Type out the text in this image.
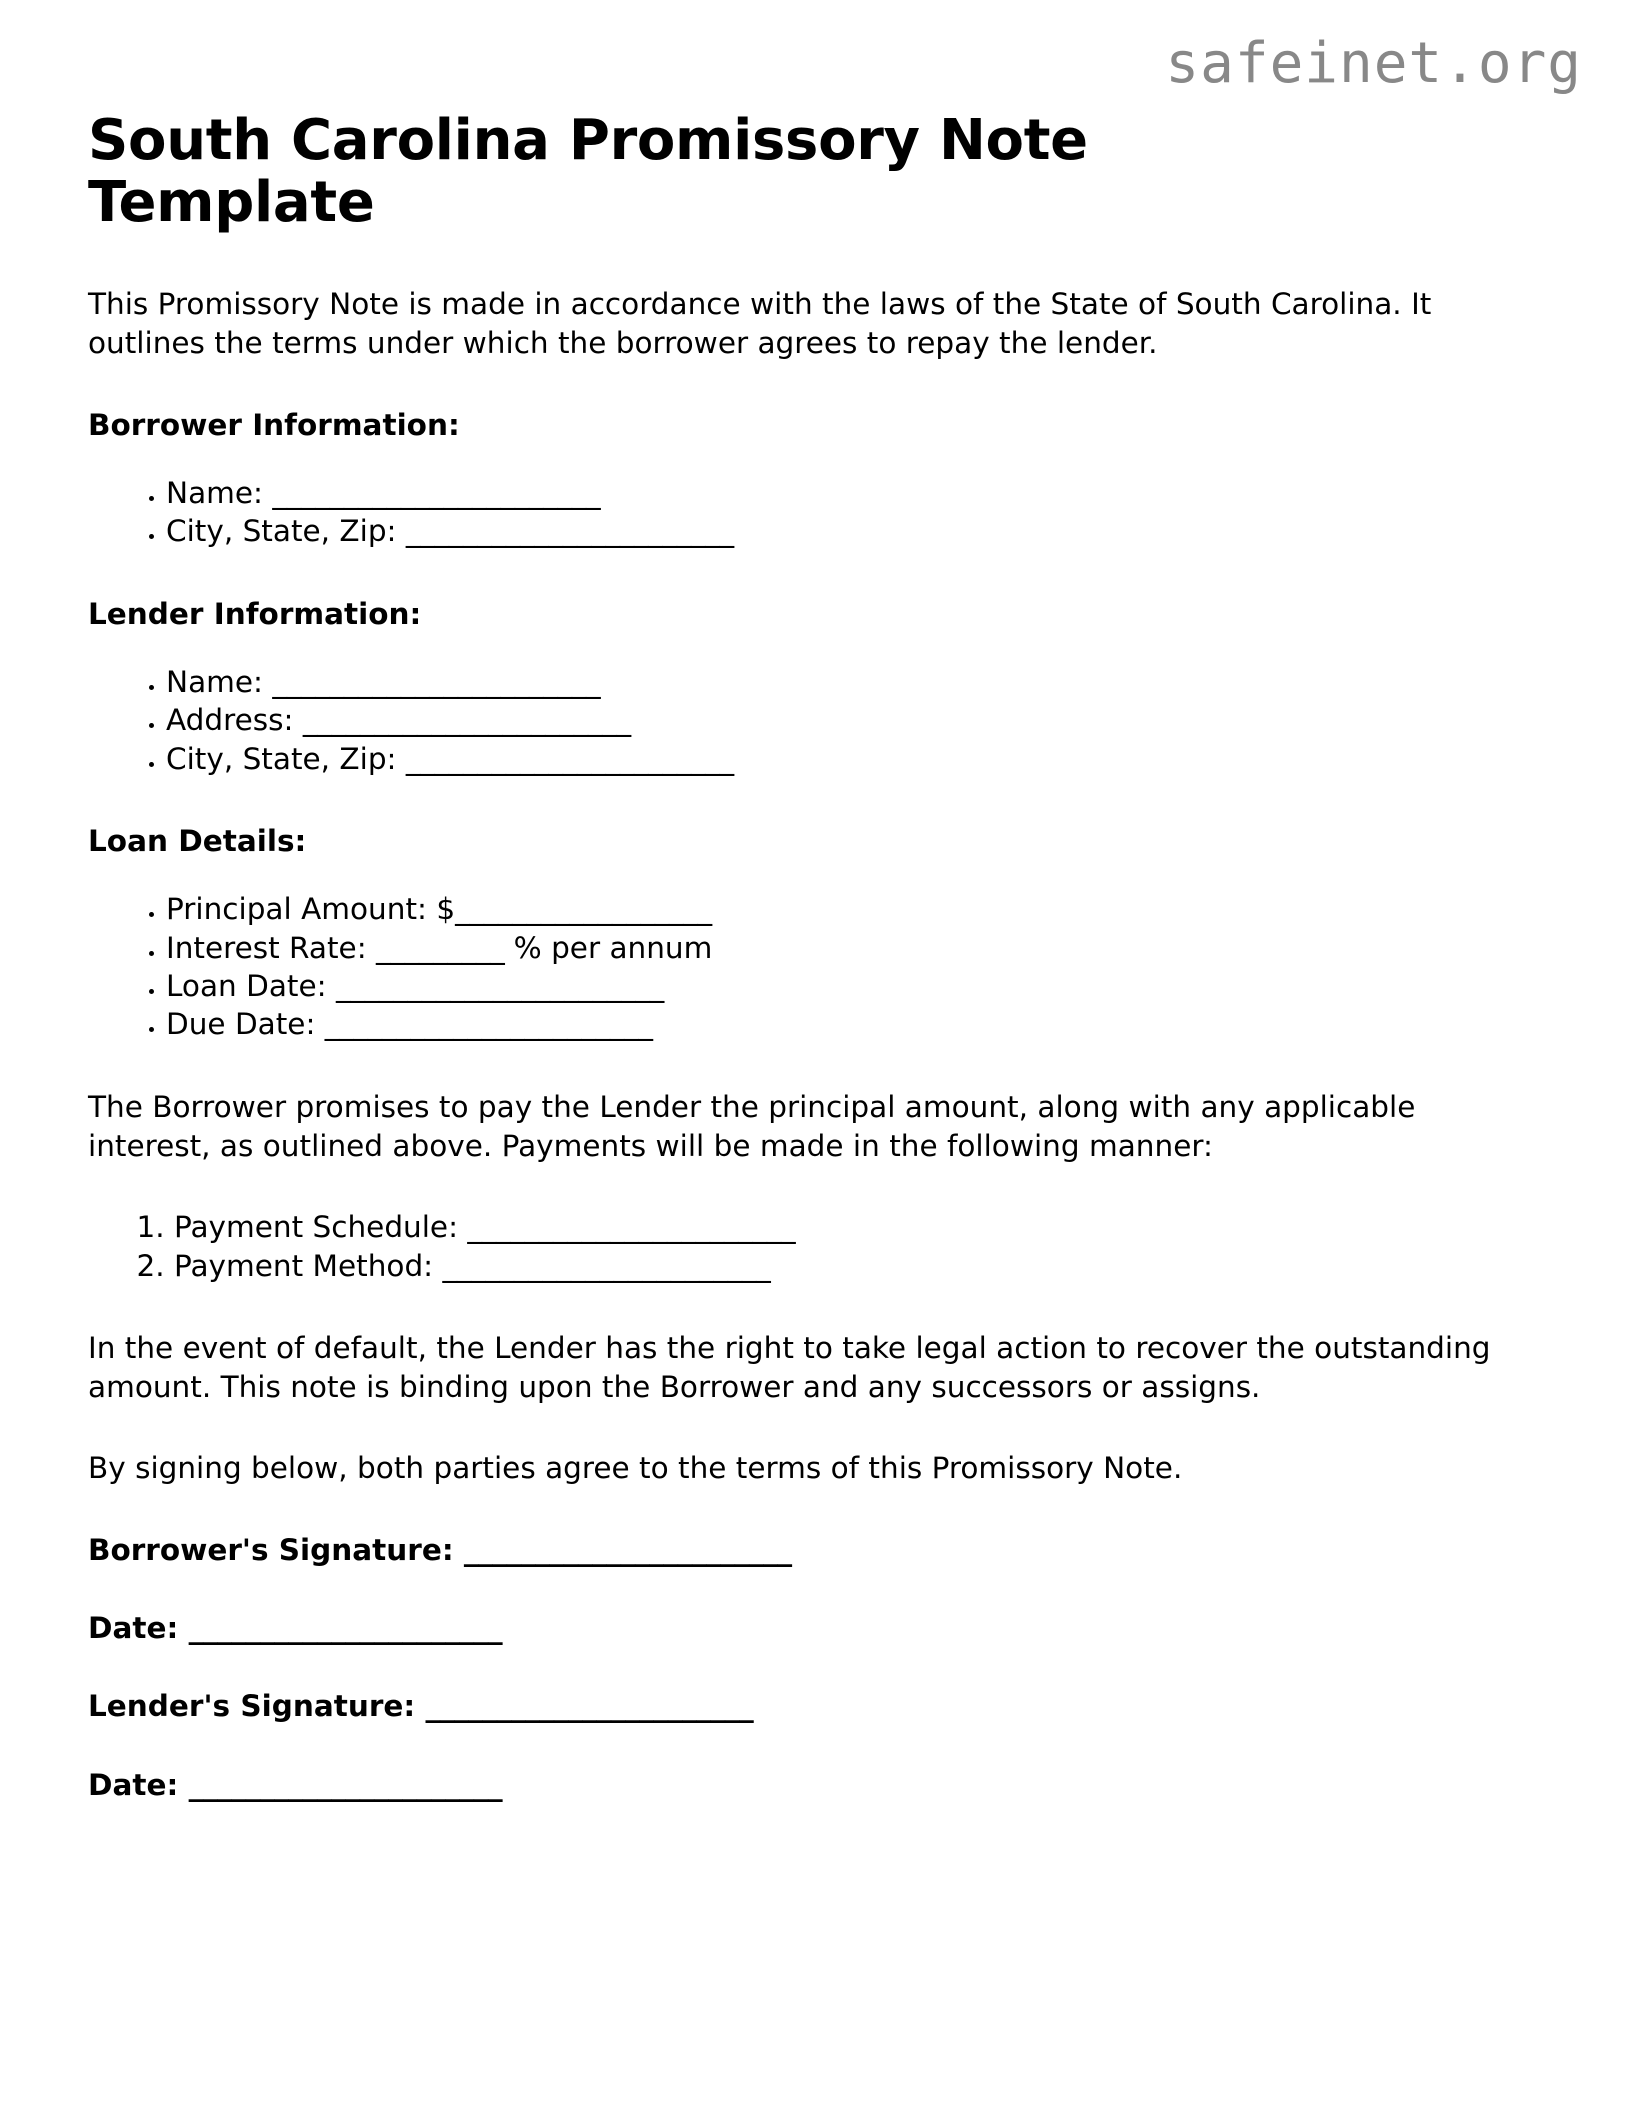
safeinet.org
South Carolina Promissory Note Template

This Promissory Note is made in accordance with the laws of the State of South Carolina. It outlines the terms under which the borrower agrees to repay the lender.

Borrower Information:
• Name: _______________________
• City, State, Zip: _______________________
Lender Information:
• Name: _______________________
• Address: _______________________
• City, State, Zip: _______________________
Loan Details:
• Principal Amount: $__________________
• Interest Rate: _________ % per annum
• Loan Date: _______________________
• Due Date: _______________________

The Borrower promises to pay the Lender the principal amount, along with any applicable interest, as outlined above. Payments will be made in the following manner:

1. Payment Schedule: _______________________
2. Payment Method: _______________________

In the event of default, the Lender has the right to take legal action to recover the outstanding amount. This note is binding upon the Borrower and any successors or assigns.

By signing below, both parties agree to the terms of this Promissory Note.

Borrower's Signature: _______________________

Date: ______________________

Lender's Signature: _______________________

Date: ______________________
